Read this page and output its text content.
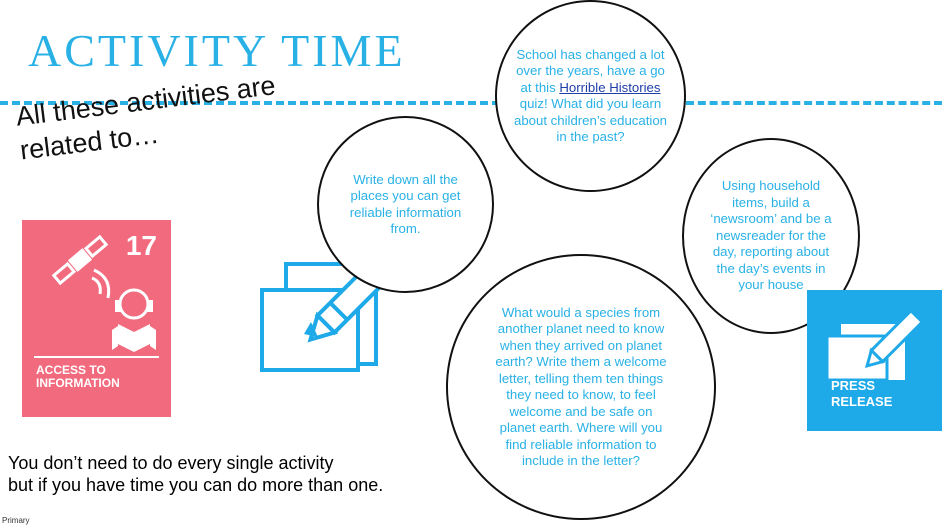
ACTIVITY TIME
All these activities are related to…
17
ACCESS TO
INFORMATION
School has changed a lot over the years, have a go at this Horrible Histories quiz! What did you learn about children’s education in the past?
Write down all the places you can get reliable information from.
Using household items, build a ‘newsroom’ and be a newsreader for the day, reporting about the day’s events in your house
PRESS
RELEASE
What would a species from another planet need to know when they arrived on planet earth? Write them a welcome letter, telling them ten things they need to know, to feel welcome and be safe on planet earth. Where will you find reliable information to include in the letter?
You don’t need to do every single activity
but if you have time you can do more than one.
Primary
